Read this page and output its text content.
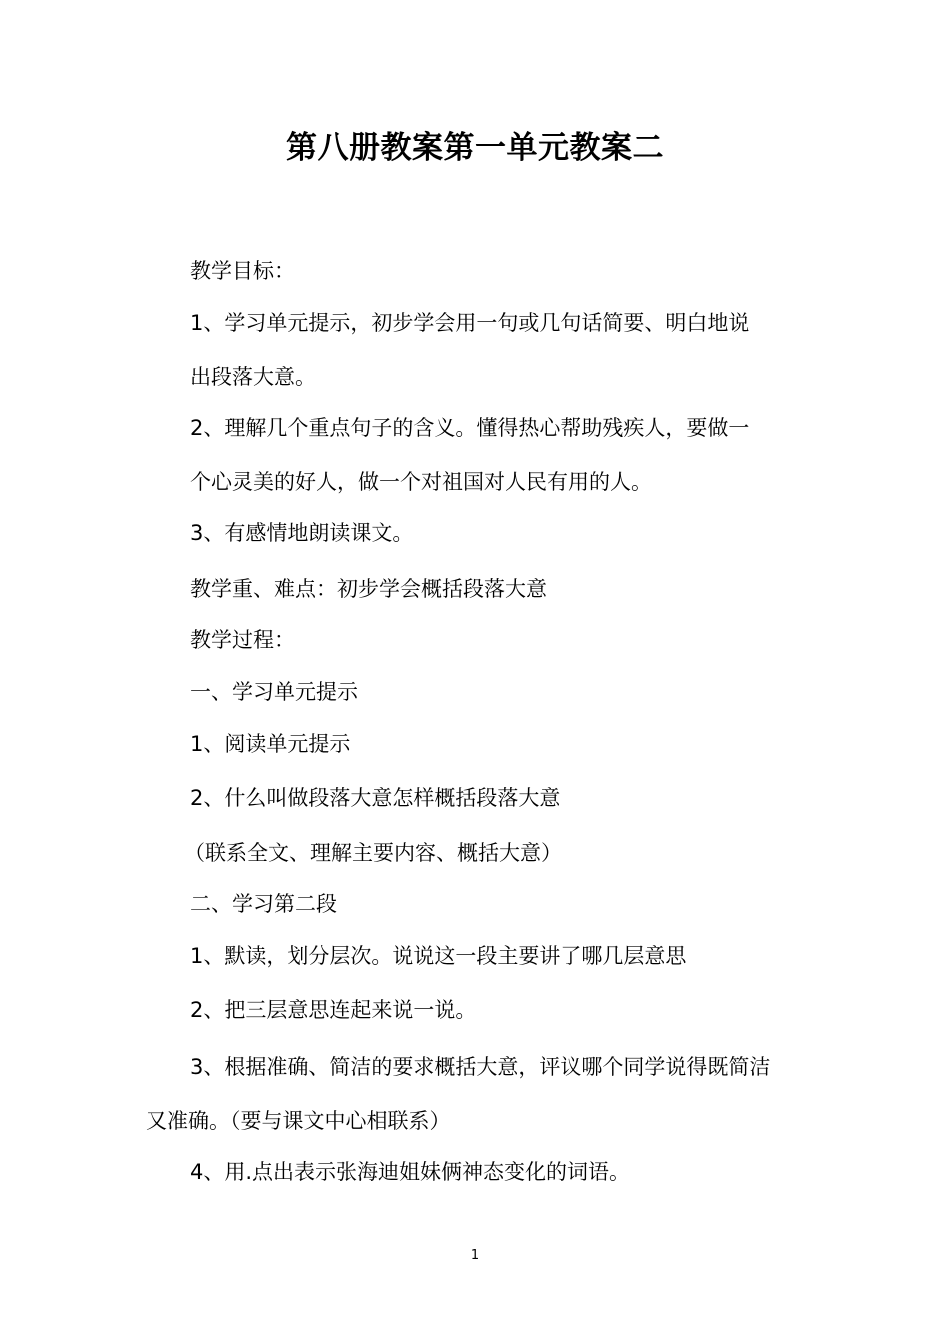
第八册教案第一单元教案二
教学目标：
1、学习单元提示，初步学会用一句或几句话简要、明白地说
出段落大意。
2、理解几个重点句子的含义。懂得热心帮助残疾人，要做一
个心灵美的好人，做一个对祖国对人民有用的人。
3、有感情地朗读课文。
教学重、难点：初步学会概括段落大意
教学过程：
一、学习单元提示
1、阅读单元提示
2、什么叫做段落大意怎样概括段落大意
（联系全文、理解主要内容、概括大意）
二、学习第二段
1、默读，划分层次。说说这一段主要讲了哪几层意思
2、把三层意思连起来说一说。
3、根据准确、简洁的要求概括大意，评议哪个同学说得既简洁
又准确。（要与课文中心相联系）
4、用.点出表示张海迪姐妹俩神态变化的词语。
1
